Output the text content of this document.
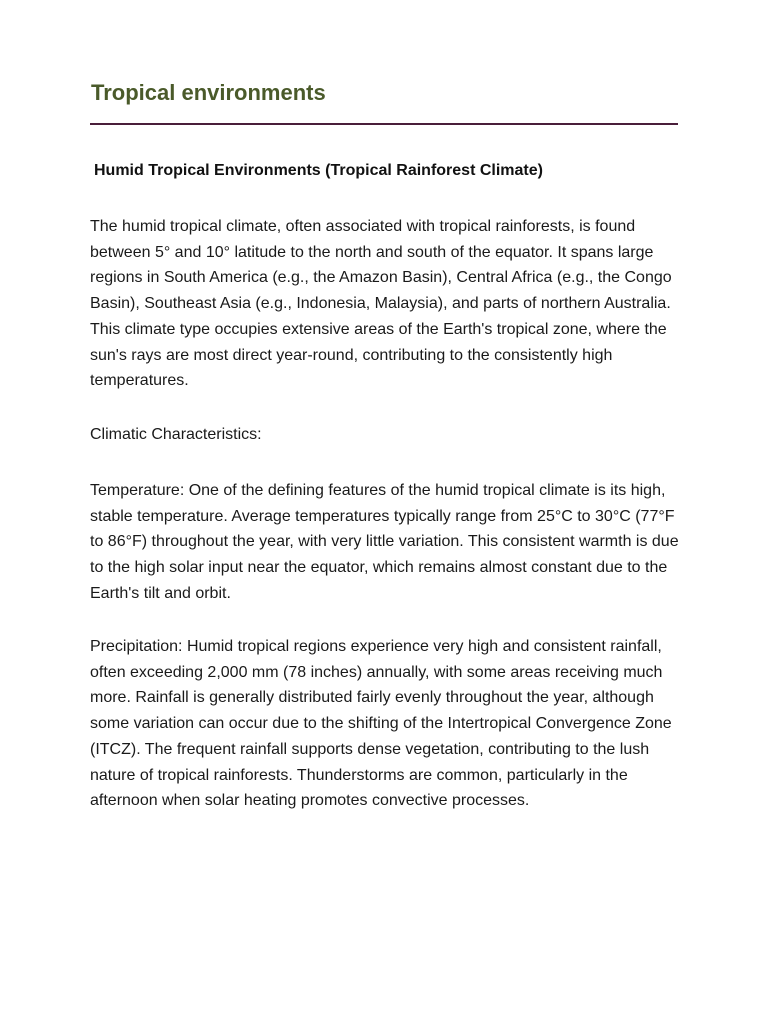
Tropical environments
Humid Tropical Environments (Tropical Rainforest Climate)

The humid tropical climate, often associated with tropical rainforests, is found between 5° and 10° latitude to the north and south of the equator. It spans large regions in South America (e.g., the Amazon Basin), Central Africa (e.g., the Congo Basin), Southeast Asia (e.g., Indonesia, Malaysia), and parts of northern Australia. This climate type occupies extensive areas of the Earth's tropical zone, where the sun's rays are most direct year-round, contributing to the consistently high temperatures.

Climatic Characteristics:

Temperature: One of the defining features of the humid tropical climate is its high, stable temperature. Average temperatures typically range from 25°C to 30°C (77°F to 86°F) throughout the year, with very little variation. This consistent warmth is due to the high solar input near the equator, which remains almost constant due to the Earth's tilt and orbit.

Precipitation: Humid tropical regions experience very high and consistent rainfall, often exceeding 2,000 mm (78 inches) annually, with some areas receiving much more. Rainfall is generally distributed fairly evenly throughout the year, although some variation can occur due to the shifting of the Intertropical Convergence Zone (ITCZ). The frequent rainfall supports dense vegetation, contributing to the lush nature of tropical rainforests. Thunderstorms are common, particularly in the afternoon when solar heating promotes convective processes.
